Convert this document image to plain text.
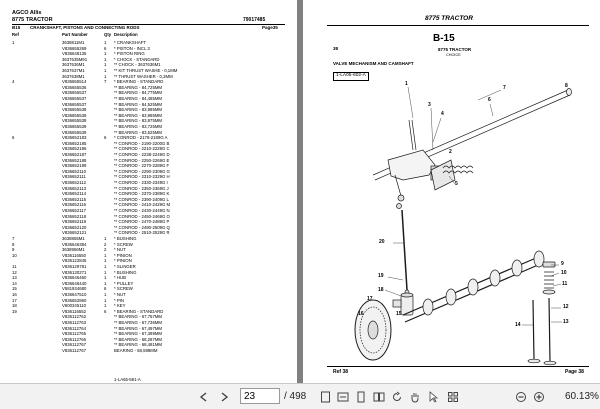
AGCO Allis
8775 TRACTOR	79017485
B15 CRANKSHAFT, PISTONS AND CONNECTING RODS	Page35
Ref	Part Number	Qty Description
1	3638811M1	1	* CRANKSHAFT
V836655269	6	* PISTON - INCL 3
V836648135	1	* PISTON RING
3637635M91	1	* CHOCK - STANDARD
3637636M1	1	** CHOCK - 3637636M1
3637637M1	1	** KIT THRUST WASHE - 0,1MM
3637638M1	1	** THRUST WASHER - 0,2MM
4	V836655514	7	* BEARING - STANDARD
V836655536	** BEARING - 84,725MM
V836655537	** BEARING - 84,775MM
V836655537	** BEARING - 84,485MM
V836655537	** BEARING - 84,525MM
V836655538	** BEARING - 83,985MM
V836655538	** BEARING - 83,985MM
V836655538	** BEARING - 83,975MM
V836655539	** BEARING - 83,725MM
V836655539	** BEARING - 83,525MM
6	V836652183	6	* CONROD - 2178-2189G A
V836652185	** CONROD - 2190-2200G B
V836652186	** CONROD - 2210-2229G C
V836652187	** CONROD - 2238-2249G D
V836652188	** CONROD - 2250-2269G E
V836652189	** CONROD - 2270-2289G F
V836652110	** CONROD - 2290-2309G G
V836652111	** CONROD - 2310-2329G H
V836652112	** CONROD - 2330-2349G I
V836652113	** CONROD - 2350-2369G J
V836652114	** CONROD - 2370-2389G K
V836652115	** CONROD - 2390-2409G L
V836652116	** CONROD - 2410-2429G M
V836652117	** CONROD - 2430-2449G N
V836652118	** CONROD - 2450-2469G O
V836652119	** CONROD - 2470-2489G P
V836652120	** CONROD - 2490-2509G Q
V836652121	** CONROD - 2510-2529G R
7	3638855M1	1	* BUSHING
8	V836646384	2	* SCREW
9	3638956M1	2	* NUT
10	V836116550	1	* PINION
V836122845	1	* PINION
11	V836129781	1	* SLINGER
12	V836130271	1	* BUSHING
13	V836646460	1	* HUB
14	V836646440	1	* PULLEY
15	V581934680	6	* SCREW
16	V836647510	1	* NUT
17	V836652860	1	* PIN
18	V600345110	1	* KEY
19	V836116552	6	* BEARING - STANDARD
V836112762	** BEARING - 67,757MM
V836112763	** BEARING - 67,736MM
V836112764	** BEARING - 67,497MM
V836112765	** BEARING - 67,389MM
V836112766	** BEARING - 68,287MM
V836112767	** BEARING - 68,481MM
V836112767	BEARING - 68,598MM
1-LA65-581-A
8775 TRACTOR
38	8775 TRACTOR
CHOICE
B-15
VALVE MECHANISM AND CAMSHAFT
1-LA05-602-A
1
7
6
8
3
4
5
20
19
18
17
9
10
11
12
13
14
16	15
2
Ref 38	Page 38
23	/ 498	60.13%
